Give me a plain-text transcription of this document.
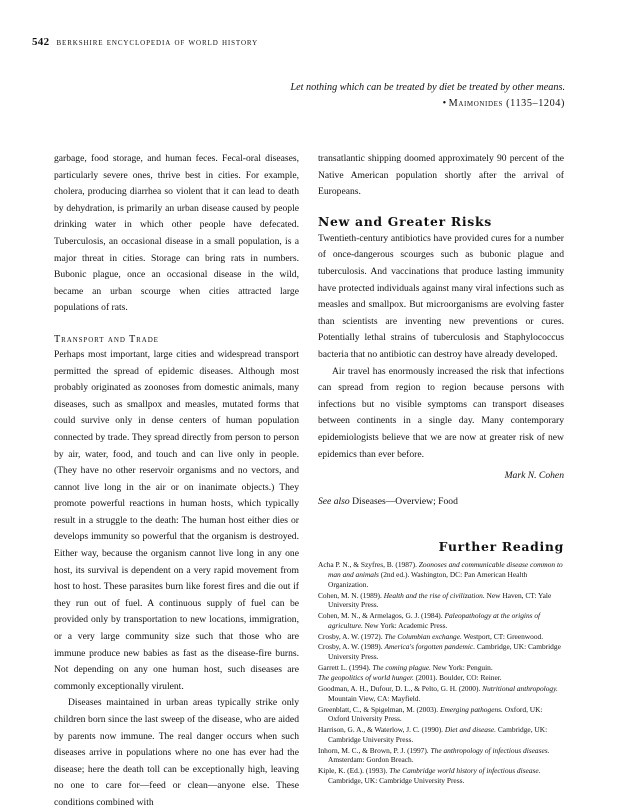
542 berkshire encyclopedia of world history
Let nothing which can be treated by diet be treated by other means. • Maimonides (1135–1204)

garbage, food storage, and human feces. Fecal-oral diseases, particularly severe ones, thrive best in cities. For example, cholera, producing diarrhea so violent that it can lead to death by dehydration, is primarily an urban disease caused by people drinking water in which other people have defecated. Tuberculosis, an occasional disease in a small population, is a major threat in cities. Storage can bring rats in numbers. Bubonic plague, once an occasional disease in the wild, became an urban scourge when cities attracted large populations of rats.

Transport and Trade

Perhaps most important, large cities and widespread transport permitted the spread of epidemic diseases. Although most probably originated as zoonoses from domestic animals, many diseases, such as smallpox and measles, mutated forms that could survive only in dense centers of human population connected by trade. They spread directly from person to person by air, water, food, and touch and can live only in people. (They have no other reservoir organisms and no vectors, and cannot live long in the air or on inanimate objects.) They promote powerful reactions in human hosts, which typically result in a struggle to the death: The human host either dies or develops immunity so powerful that the organism is destroyed. Either way, because the organism cannot live long in any one host, its survival is dependent on a very rapid movement from host to host. These parasites burn like forest fires and die out if they run out of fuel. A continuous supply of fuel can be provided only by transportation to new locations, immigration, or a very large community size such that those who are immune produce new babies as fast as the disease-fire burns. Not depending on any one human host, such diseases are commonly exceptionally virulent.

Diseases maintained in urban areas typically strike only children born since the last sweep of the disease, who are aided by parents now immune. The real danger occurs when such diseases arrive in populations where no one has ever had the disease; here the death toll can be exceptionally high, leaving no one to care for—feed or clean—anyone else. These conditions combined with

transatlantic shipping doomed approximately 90 percent of the Native American population shortly after the arrival of Europeans.

New and Greater Risks

Twentieth-century antibiotics have provided cures for a number of once-dangerous scourges such as bubonic plague and tuberculosis. And vaccinations that produce lasting immunity have protected individuals against many viral infections such as measles and smallpox. But microorganisms are evolving faster than scientists are inventing new preventions or cures. Potentially lethal strains of tuberculosis and Staphylococcus bacteria that no antibiotic can destroy have already developed.

Air travel has enormously increased the risk that infections can spread from region to region because persons with infections but no visible symptoms can transport diseases between continents in a single day. Many contemporary epidemiologists believe that we are now at greater risk of new epidemics than ever before.

Mark N. Cohen
See also Diseases—Overview; Food
Further Reading
Acha P. N., & Szyfres, B. (1987). Zoonoses and communicable disease common to man and animals (2nd ed.). Washington, DC: Pan American Health Organization.
Cohen, M. N. (1989). Health and the rise of civilization. New Haven, CT: Yale University Press.
Cohen, M. N., & Armelagos, G. J. (1984). Paleopathology at the origins of agriculture. New York: Academic Press.
Crosby, A. W. (1972). The Columbian exchange. Westport, CT: Greenwood.
Crosby, A. W. (1989). America's forgotten pandemic. Cambridge, UK: Cambridge University Press.
Garrett L. (1994). The coming plague. New York: Penguin.
The geopolitics of world hunger. (2001). Boulder, CO: Reiner.
Goodman, A. H., Dufour, D. L., & Pelto, G. H. (2000). Nutritional anthropology. Mountain View, CA: Mayfield.
Greenblatt, C., & Spigelman, M. (2003). Emerging pathogens. Oxford, UK: Oxford University Press.
Harrison, G. A., & Waterlow, J. C. (1990). Diet and disease. Cambridge, UK: Cambridge University Press.
Inhorn, M. C., & Brown, P. J. (1997). The anthropology of infectious diseases. Amsterdam: Gordon Breach.
Kiple, K. (Ed.). (1993). The Cambridge world history of infectious disease. Cambridge, UK: Cambridge University Press.
